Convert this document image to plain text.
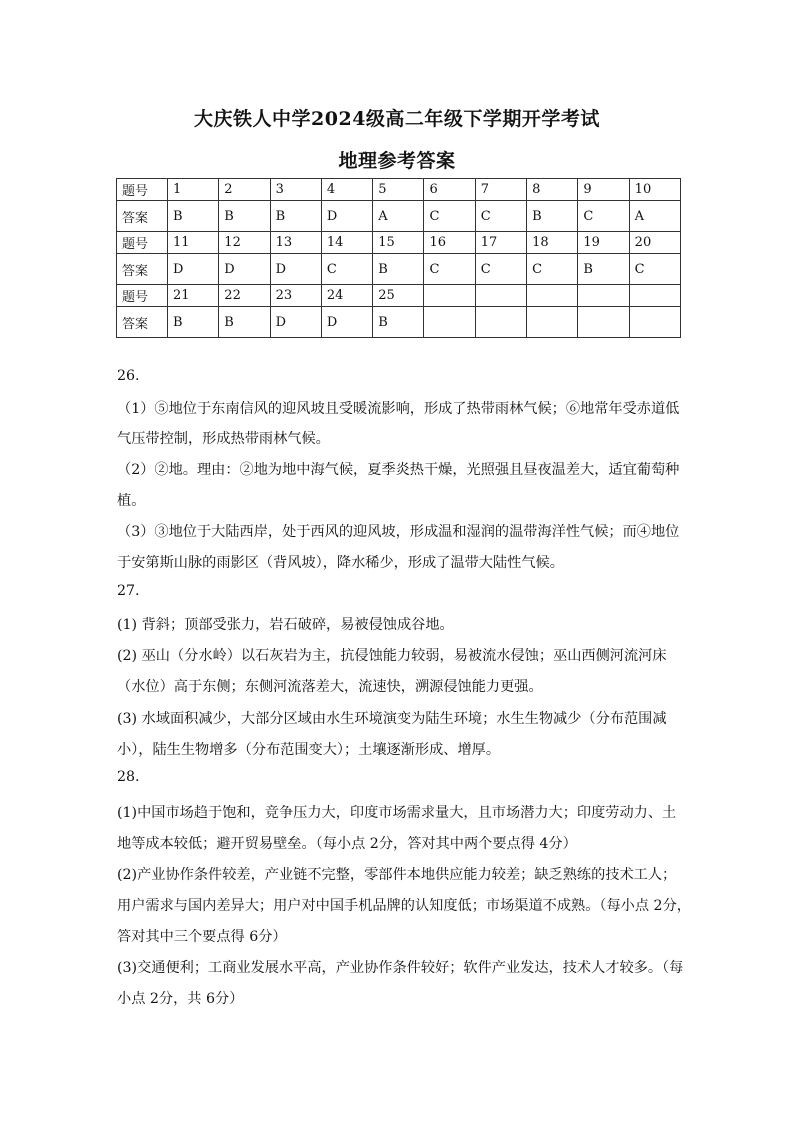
大庆铁人中学2024级高二年级下学期开学考试
地理参考答案
题号	1	2	3	4	5	6	7	8	9	10
答案	B	B	B	D	A	C	C	B	C	A
题号	11	12	13	14	15	16	17	18	19	20
答案	D	D	D	C	B	C	C	C	B	C
题号	21	22	23	24	25					
答案	B	B	D	D	B					
26.
（1）⑤地位于东南信风的迎风坡且受暖流影响，形成了热带雨林气候；⑥地常年受赤道低
气压带控制，形成热带雨林气候。
（2）②地。理由：②地为地中海气候，夏季炎热干燥，光照强且昼夜温差大，适宜葡萄种
植。
（3）③地位于大陆西岸，处于西风的迎风坡，形成温和湿润的温带海洋性气候；而④地位
于安第斯山脉的雨影区（背风坡），降水稀少，形成了温带大陆性气候。
27.
(1) 背斜；顶部受张力，岩石破碎，易被侵蚀成谷地。
(2) 巫山（分水岭）以石灰岩为主，抗侵蚀能力较弱，易被流水侵蚀；巫山西侧河流河床
（水位）高于东侧；东侧河流落差大，流速快，溯源侵蚀能力更强。
(3) 水域面积减少，大部分区域由水生环境演变为陆生环境；水生生物减少（分布范围减
小），陆生生物增多（分布范围变大）；土壤逐渐形成、增厚。
28.
(1)中国市场趋于饱和，竞争压力大，印度市场需求量大，且市场潜力大；印度劳动力、土
地等成本较低；避开贸易壁垒。（每小点 2分，答对其中两个要点得 4分）
(2)产业协作条件较差，产业链不完整，零部件本地供应能力较差；缺乏熟练的技术工人；
用户需求与国内差异大；用户对中国手机品牌的认知度低；市场渠道不成熟。（每小点 2分，
答对其中三个要点得 6分）
(3)交通便利；工商业发展水平高，产业协作条件较好；软件产业发达，技术人才较多。（每
小点 2分，共 6分）
